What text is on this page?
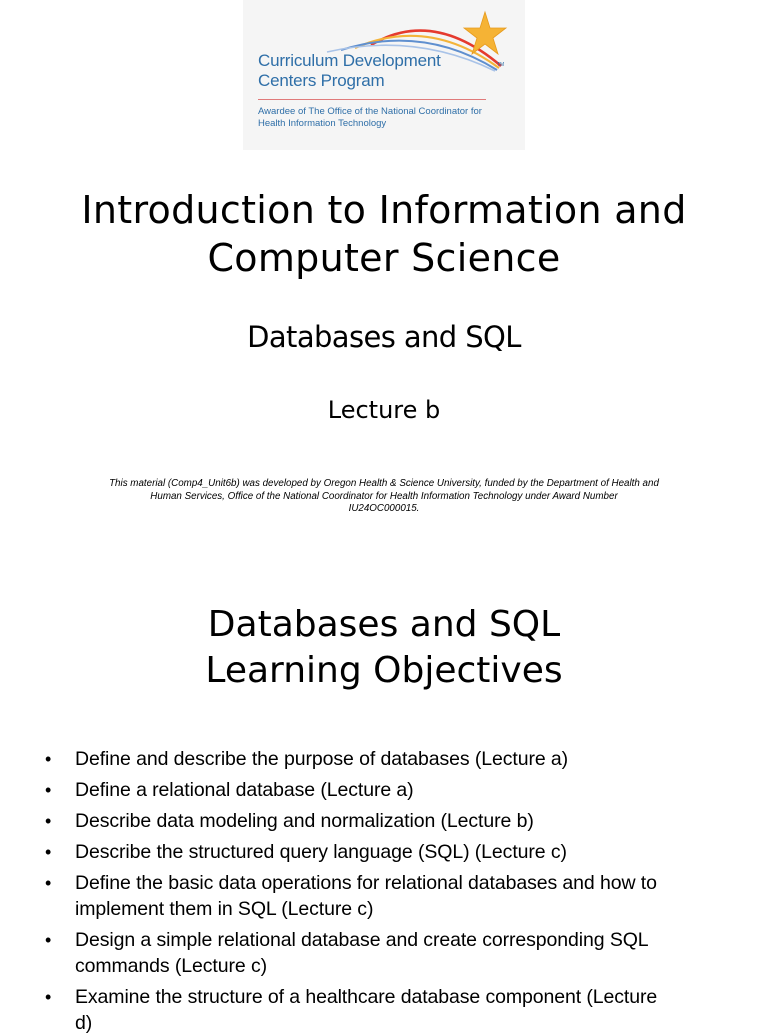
Curriculum Development
Centers Program
TM
Awardee of The Office of the National Coordinator for
Health Information Technology
Introduction to Information and
Computer Science
Databases and SQL
Lecture b
This material (Comp4_Unit6b) was developed by Oregon Health & Science University, funded by the Department of Health and
Human Services, Office of the National Coordinator for Health Information Technology under Award Number
IU24OC000015.
Databases and SQL
Learning Objectives
• Define and describe the purpose of databases (Lecture a)
• Define a relational database (Lecture a)
• Describe data modeling and normalization (Lecture b)
• Describe the structured query language (SQL) (Lecture c)
• Define the basic data operations for relational databases and how to
implement them in SQL (Lecture c)
• Design a simple relational database and create corresponding SQL
commands (Lecture c)
• Examine the structure of a healthcare database component (Lecture
d)
